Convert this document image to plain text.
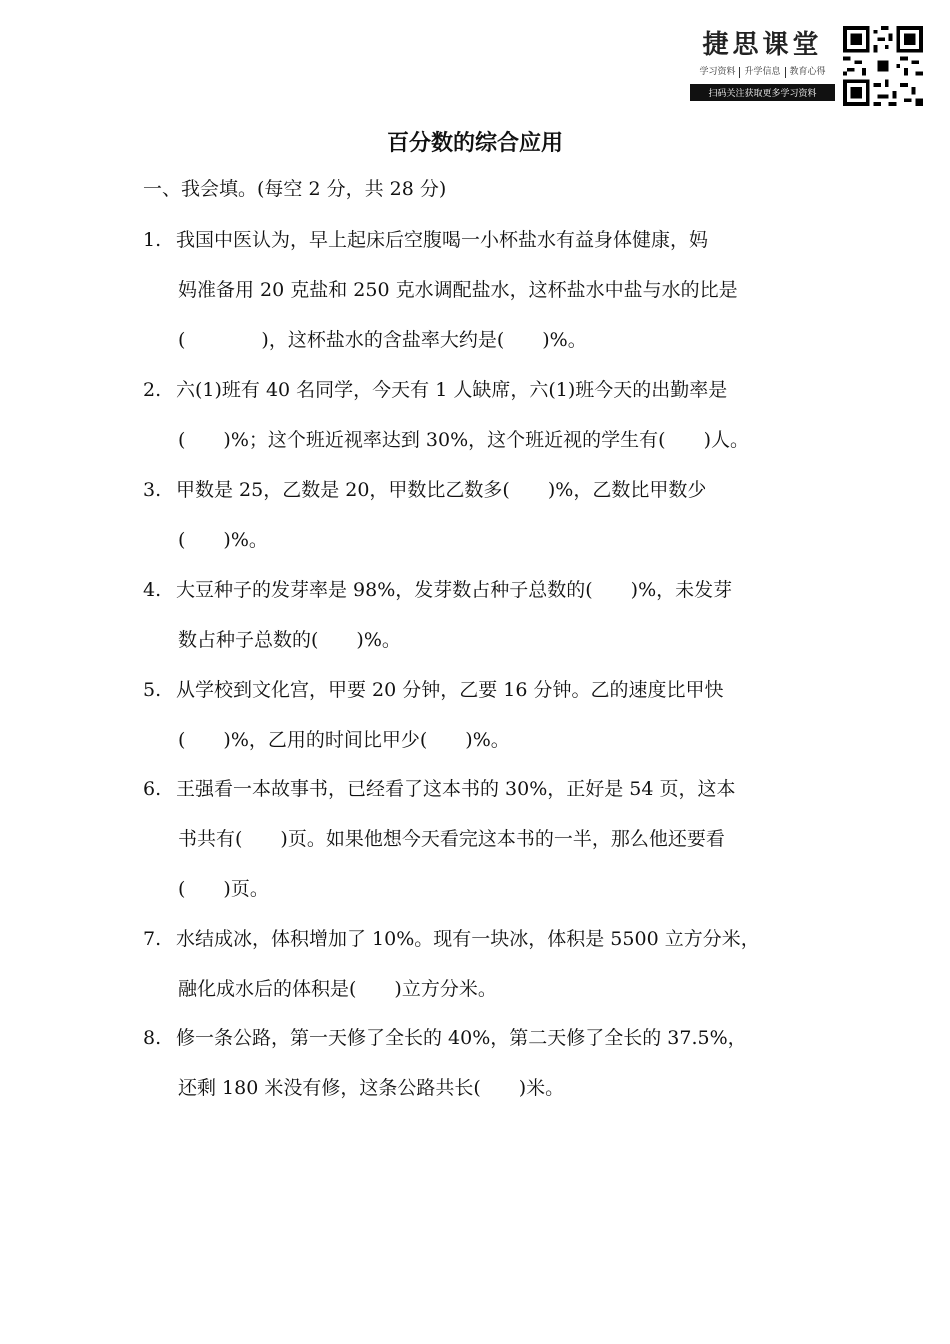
捷思课堂
学习资料	升学信息	教育心得
扫码关注获取更多学习资料
百分数的综合应用
一、我会填。(每空 2 分，共 28 分)
1. 我国中医认为，早上起床后空腹喝一小杯盐水有益身体健康，妈
妈准备用 20 克盐和 250 克水调配盐水，这杯盐水中盐与水的比是
(　　　　)，这杯盐水的含盐率大约是(　　)%。
2. 六(1)班有 40 名同学，今天有 1 人缺席，六(1)班今天的出勤率是
(　　)%；这个班近视率达到 30%，这个班近视的学生有(　　)人。
3. 甲数是 25，乙数是 20，甲数比乙数多(　　)%，乙数比甲数少
(　　)%。
4. 大豆种子的发芽率是 98%，发芽数占种子总数的(　　)%，未发芽
数占种子总数的(　　)%。
5. 从学校到文化宫，甲要 20 分钟，乙要 16 分钟。乙的速度比甲快
(　　)%，乙用的时间比甲少(　　)%。
6. 王强看一本故事书，已经看了这本书的 30%，正好是 54 页，这本
书共有(　　)页。如果他想今天看完这本书的一半，那么他还要看
(　　)页。
7. 水结成冰，体积增加了 10%。现有一块冰，体积是 5500 立方分米，
融化成水后的体积是(　　)立方分米。
8. 修一条公路，第一天修了全长的 40%，第二天修了全长的 37.5%，
还剩 180 米没有修，这条公路共长(　　)米。
